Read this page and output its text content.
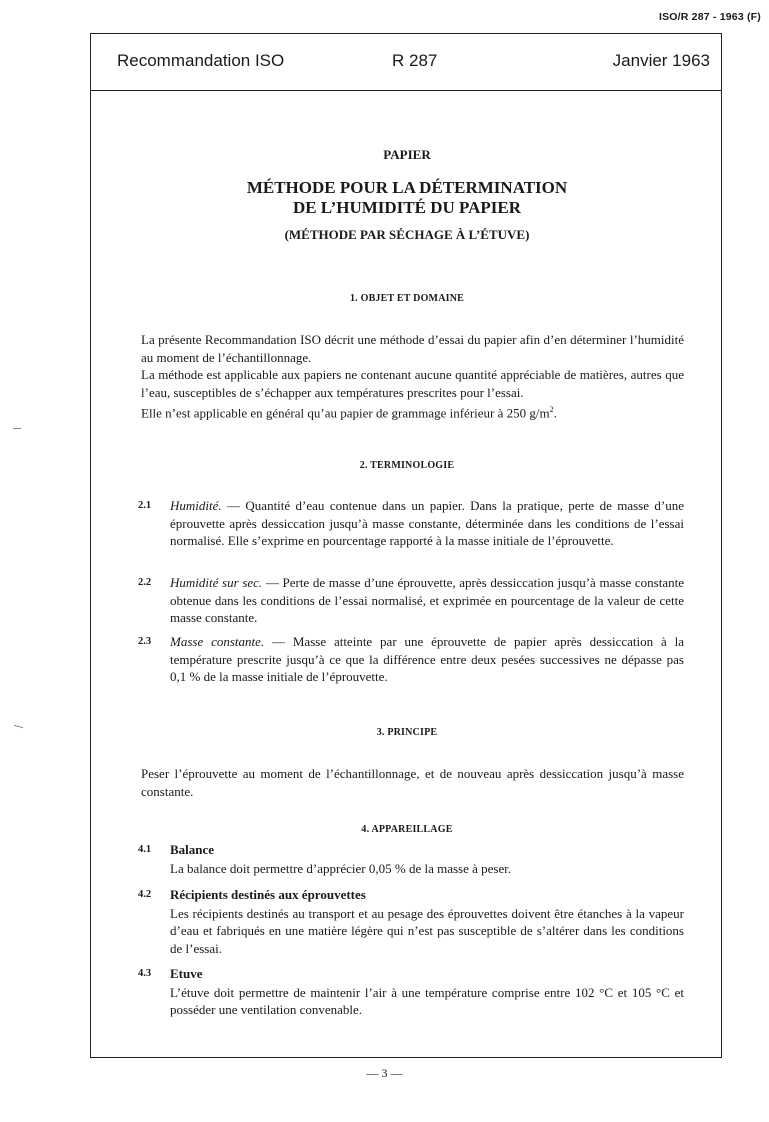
ISO/R 287 - 1963 (F)
Recommandation ISO	R 287	Janvier 1963
PAPIER
MÉTHODE POUR LA DÉTERMINATION
DE L’HUMIDITÉ DU PAPIER
(MÉTHODE PAR SÉCHAGE À L’ÉTUVE)
1. OBJET ET DOMAINE
La présente Recommandation ISO décrit une méthode d’essai du papier afin d’en déterminer l’humidité au moment de l’échantillonnage.
La méthode est applicable aux papiers ne contenant aucune quantité appréciable de matières, autres que l’eau, susceptibles de s’échapper aux températures prescrites pour l’essai.
Elle n’est applicable en général qu’au papier de grammage inférieur à 250 $g/m^2$.
2. TERMINOLOGIE
2.1 Humidité. — Quantité d’eau contenue dans un papier. Dans la pratique, perte de masse d’une éprouvette après dessiccation jusqu’à masse constante, déterminée dans les conditions de l’essai normalisé. Elle s’exprime en pourcentage rapporté à la masse initiale de l’éprouvette.
2.2 Humidité sur sec. — Perte de masse d’une éprouvette, après dessiccation jusqu’à masse constante obtenue dans les conditions de l’essai normalisé, et exprimée en pourcentage de la valeur de cette masse constante.
2.3 Masse constante. — Masse atteinte par une éprouvette de papier après dessiccation à la température prescrite jusqu’à ce que la différence entre deux pesées successives ne dépasse pas 0,1 % de la masse initiale de l’éprouvette.
3. PRINCIPE
Peser l’éprouvette au moment de l’échantillonnage, et de nouveau après dessiccation jusqu’à masse constante.
4. APPAREILLAGE
4.1 Balance
La balance doit permettre d’apprécier 0,05 % de la masse à peser.
4.2 Récipients destinés aux éprouvettes
Les récipients destinés au transport et au pesage des éprouvettes doivent être étanches à la vapeur d’eau et fabriqués en une matière légère qui n’est pas susceptible de s’altérer dans les conditions de l’essai.
4.3 Etuve
L’étuve doit permettre de maintenir l’air à une température comprise entre 102 °C et 105 °C et posséder une ventilation convenable.
— 3 —
